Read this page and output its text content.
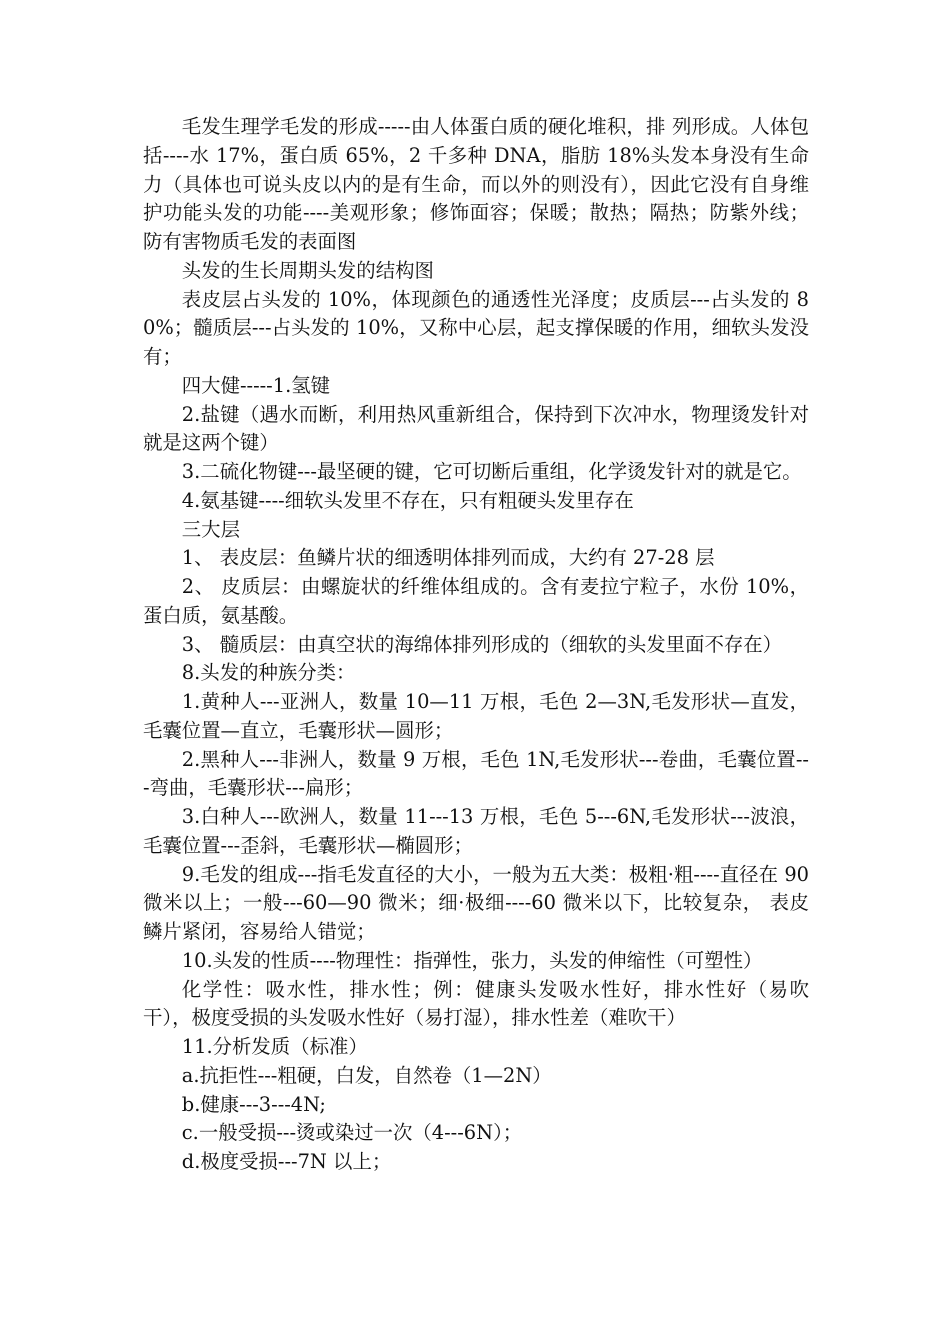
毛发生理学毛发的形成-----由人体蛋白质的硬化堆积，排 列形成。人体包括----水 17%，蛋白质 65%，2 千多种 DNA，脂肪 18%头发本身没有生命力（具体也可说头皮以内的是有生命，而以外的则没有），因此它没有自身维护功能头发的功能----美观形象；修饰面容；保暖；散热；隔热；防紫外线；防有害物质毛发的表面图

头发的生长周期头发的结构图

表皮层占头发的 10%，体现颜色的通透性光泽度；皮质层---占头发的 80%；髓质层---占头发的 10%，又称中心层，起支撑保暖的作用，细软头发没有；

四大健-----1.氢键

2.盐键（遇水而断，利用热风重新组合，保持到下次冲水，物理烫发针对就是这两个键）

3.二硫化物键---最坚硬的键，它可切断后重组，化学烫发针对的就是它。

4.氨基键----细软头发里不存在，只有粗硬头发里存在

三大层

1、 表皮层：鱼鳞片状的细透明体排列而成，大约有 27-28 层

2、 皮质层：由螺旋状的纤维体组成的。含有麦拉宁粒子，水份 10%，蛋白质，氨基酸。

3、 髓质层：由真空状的海绵体排列形成的（细软的头发里面不存在）

8.头发的种族分类：

1.黄种人---亚洲人，数量 10—11 万根，毛色 2—3N,毛发形状—直发，毛囊位置—直立，毛囊形状—圆形；

2.黑种人---非洲人，数量 9 万根，毛色 1N,毛发形状---卷曲，毛囊位置---弯曲，毛囊形状---扁形；

3.白种人---欧洲人，数量 11---13 万根，毛色 5---6N,毛发形状---波浪，毛囊位置---歪斜，毛囊形状—椭圆形；

9.毛发的组成---指毛发直径的大小，一般为五大类：极粗·粗----直径在 90 微米以上；一般---60—90 微米；细·极细----60 微米以下，比较复杂， 表皮鳞片紧闭，容易给人错觉；

10.头发的性质----物理性：指弹性，张力，头发的伸缩性（可塑性）

化学性：吸水性，排水性；例：健康头发吸水性好，排水性好（易吹干），极度受损的头发吸水性好（易打湿），排水性差（难吹干）

11.分析发质（标准）

a.抗拒性---粗硬，白发，自然卷（1—2N）

b.健康---3---4N;

c.一般受损---烫或染过一次（4---6N）；

d.极度受损---7N 以上；
